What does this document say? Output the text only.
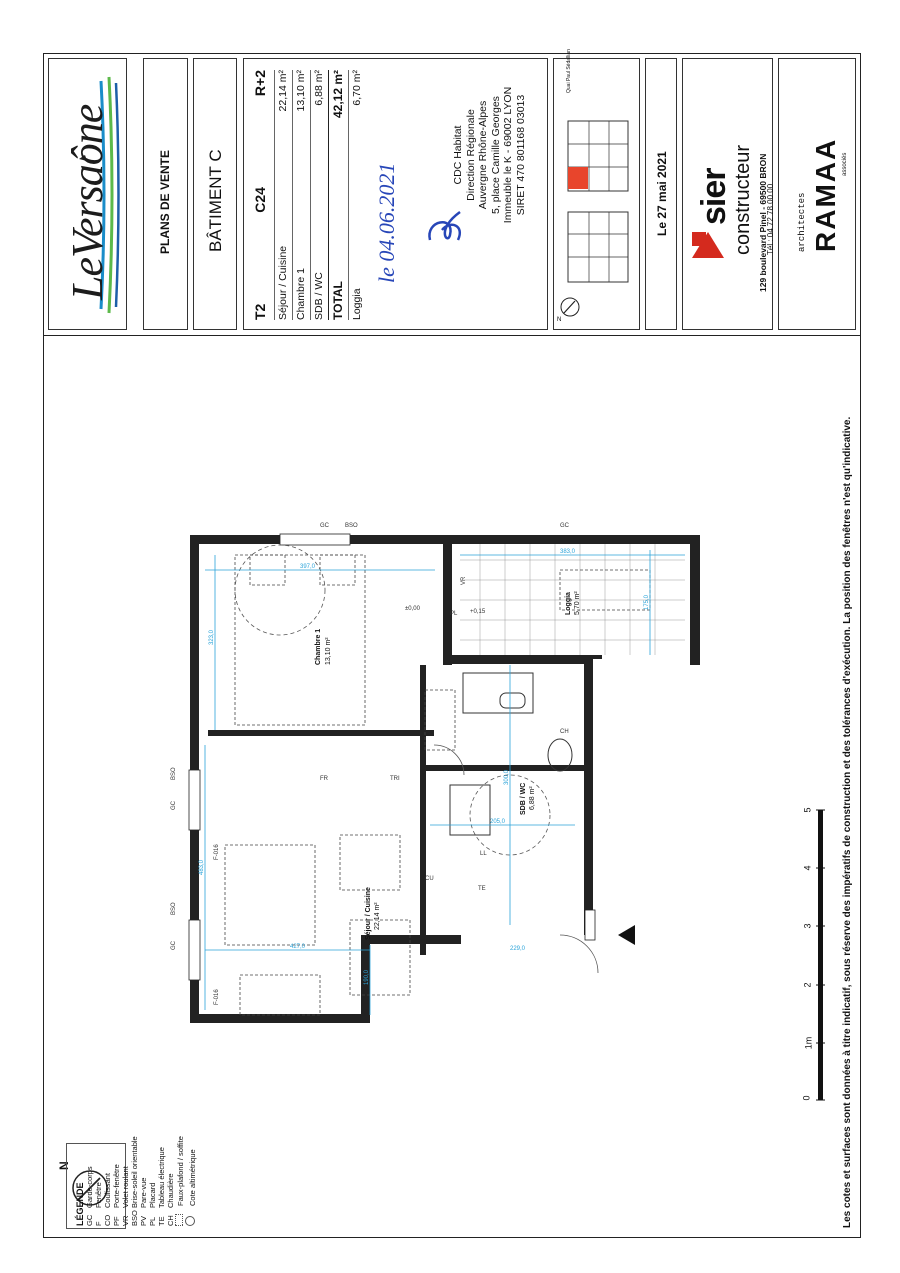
LeVersaône	PLANS DE VENTE BÂTIMENT C
T2
C24
R+2
Séjour / Cuisine
22,14 m²
Chambre 1
13,10 m²
SDB / WC
6,88 m²
TOTAL
42,12 m²
Loggia
6,70 m²
le 04.06.2021
CDC Habitat Direction Régionale Auvergne Rhône-Alpes 5, place Camille Georges Immeuble le K - 69002 LYON SIRET 470 801168 03013
Quai Paul Sédallian
N
Le 27 mai 2021 sier constructeur 129 boulevard Pinel - 69500 BRON
Tél : 04 72 78 00 00 architectes RAMAA associés
Les cotes et surfaces sont données à titre indicatif, sous réserve des impératifs de construction et des tolérances d'exécution. La position des fenêtres n'est qu'indicative.
N
LÉGENDE GCGarde-corps
FFenêtre
COCoulissant
PFPorte-fenêtre
VRVolet roulant
BSOBrise-soleil orientable
PVPare-vue
PLPlacard
TETableau électrique
CHChaudière Faux-plafond / soffite Cote altimétrique
0
1m
2
3
4
5
397,0
323,0
483,0
427,0
190,0
205,0
300,0
229,0
383,0
175,0
Chambre 1 13,10 m²
Séjour / Cuisine 22,14 m²
SDB / WC 6,88 m²
Loggia 5,70 m²
GC
BSO
GC
BSO
GC	BSO	GC
F-016
F-016
VR
PL
CH
TE
LL
CU
FR	TRI
±0,00	+0,15
